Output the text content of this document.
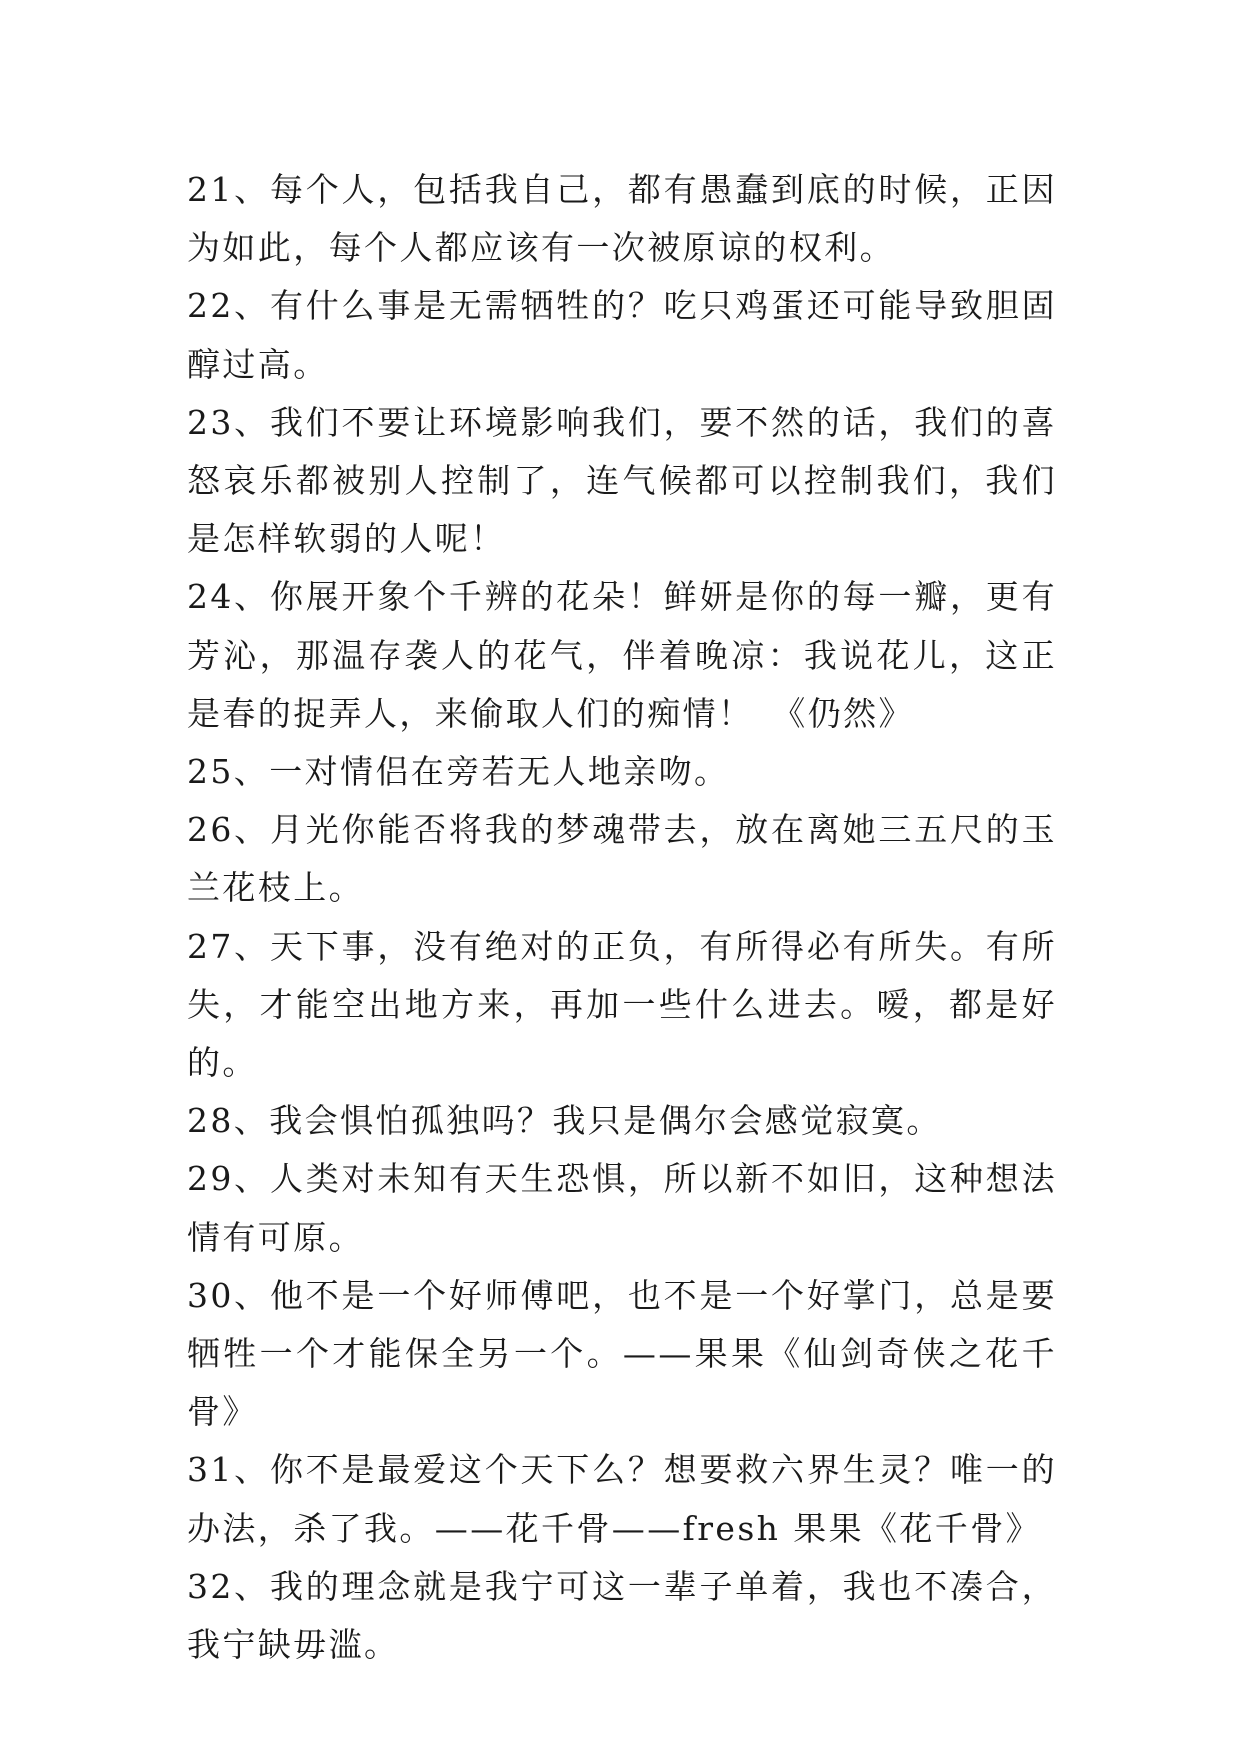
21、每个人，包括我自己，都有愚蠢到底的时候，正因为如此，每个人都应该有一次被原谅的权利。

22、有什么事是无需牺牲的？吃只鸡蛋还可能导致胆固醇过高。

23、我们不要让环境影响我们，要不然的话，我们的喜怒哀乐都被别人控制了，连气候都可以控制我们，我们是怎样软弱的人呢！

24、你展开象个千辨的花朵！鲜妍是你的每一瓣，更有芳沁，那温存袭人的花气，伴着晚凉：我说花儿，这正是春的捉弄人，来偷取人们的痴情！　《仍然》

25、一对情侣在旁若无人地亲吻。

26、月光你能否将我的梦魂带去，放在离她三五尺的玉兰花枝上。

27、天下事，没有绝对的正负，有所得必有所失。有所失，才能空出地方来，再加一些什么进去。嗳，都是好的。

28、我会惧怕孤独吗？我只是偶尔会感觉寂寞。

29、人类对未知有天生恐惧，所以新不如旧，这种想法情有可原。

30、他不是一个好师傅吧，也不是一个好掌门，总是要牺牲一个才能保全另一个。——果果《仙剑奇侠之花千骨》

31、你不是最爱这个天下么？想要救六界生灵？唯一的办法，杀了我。——花千骨——fresh 果果《花千骨》

32、我的理念就是我宁可这一辈子单着，我也不凑合，我宁缺毋滥。
